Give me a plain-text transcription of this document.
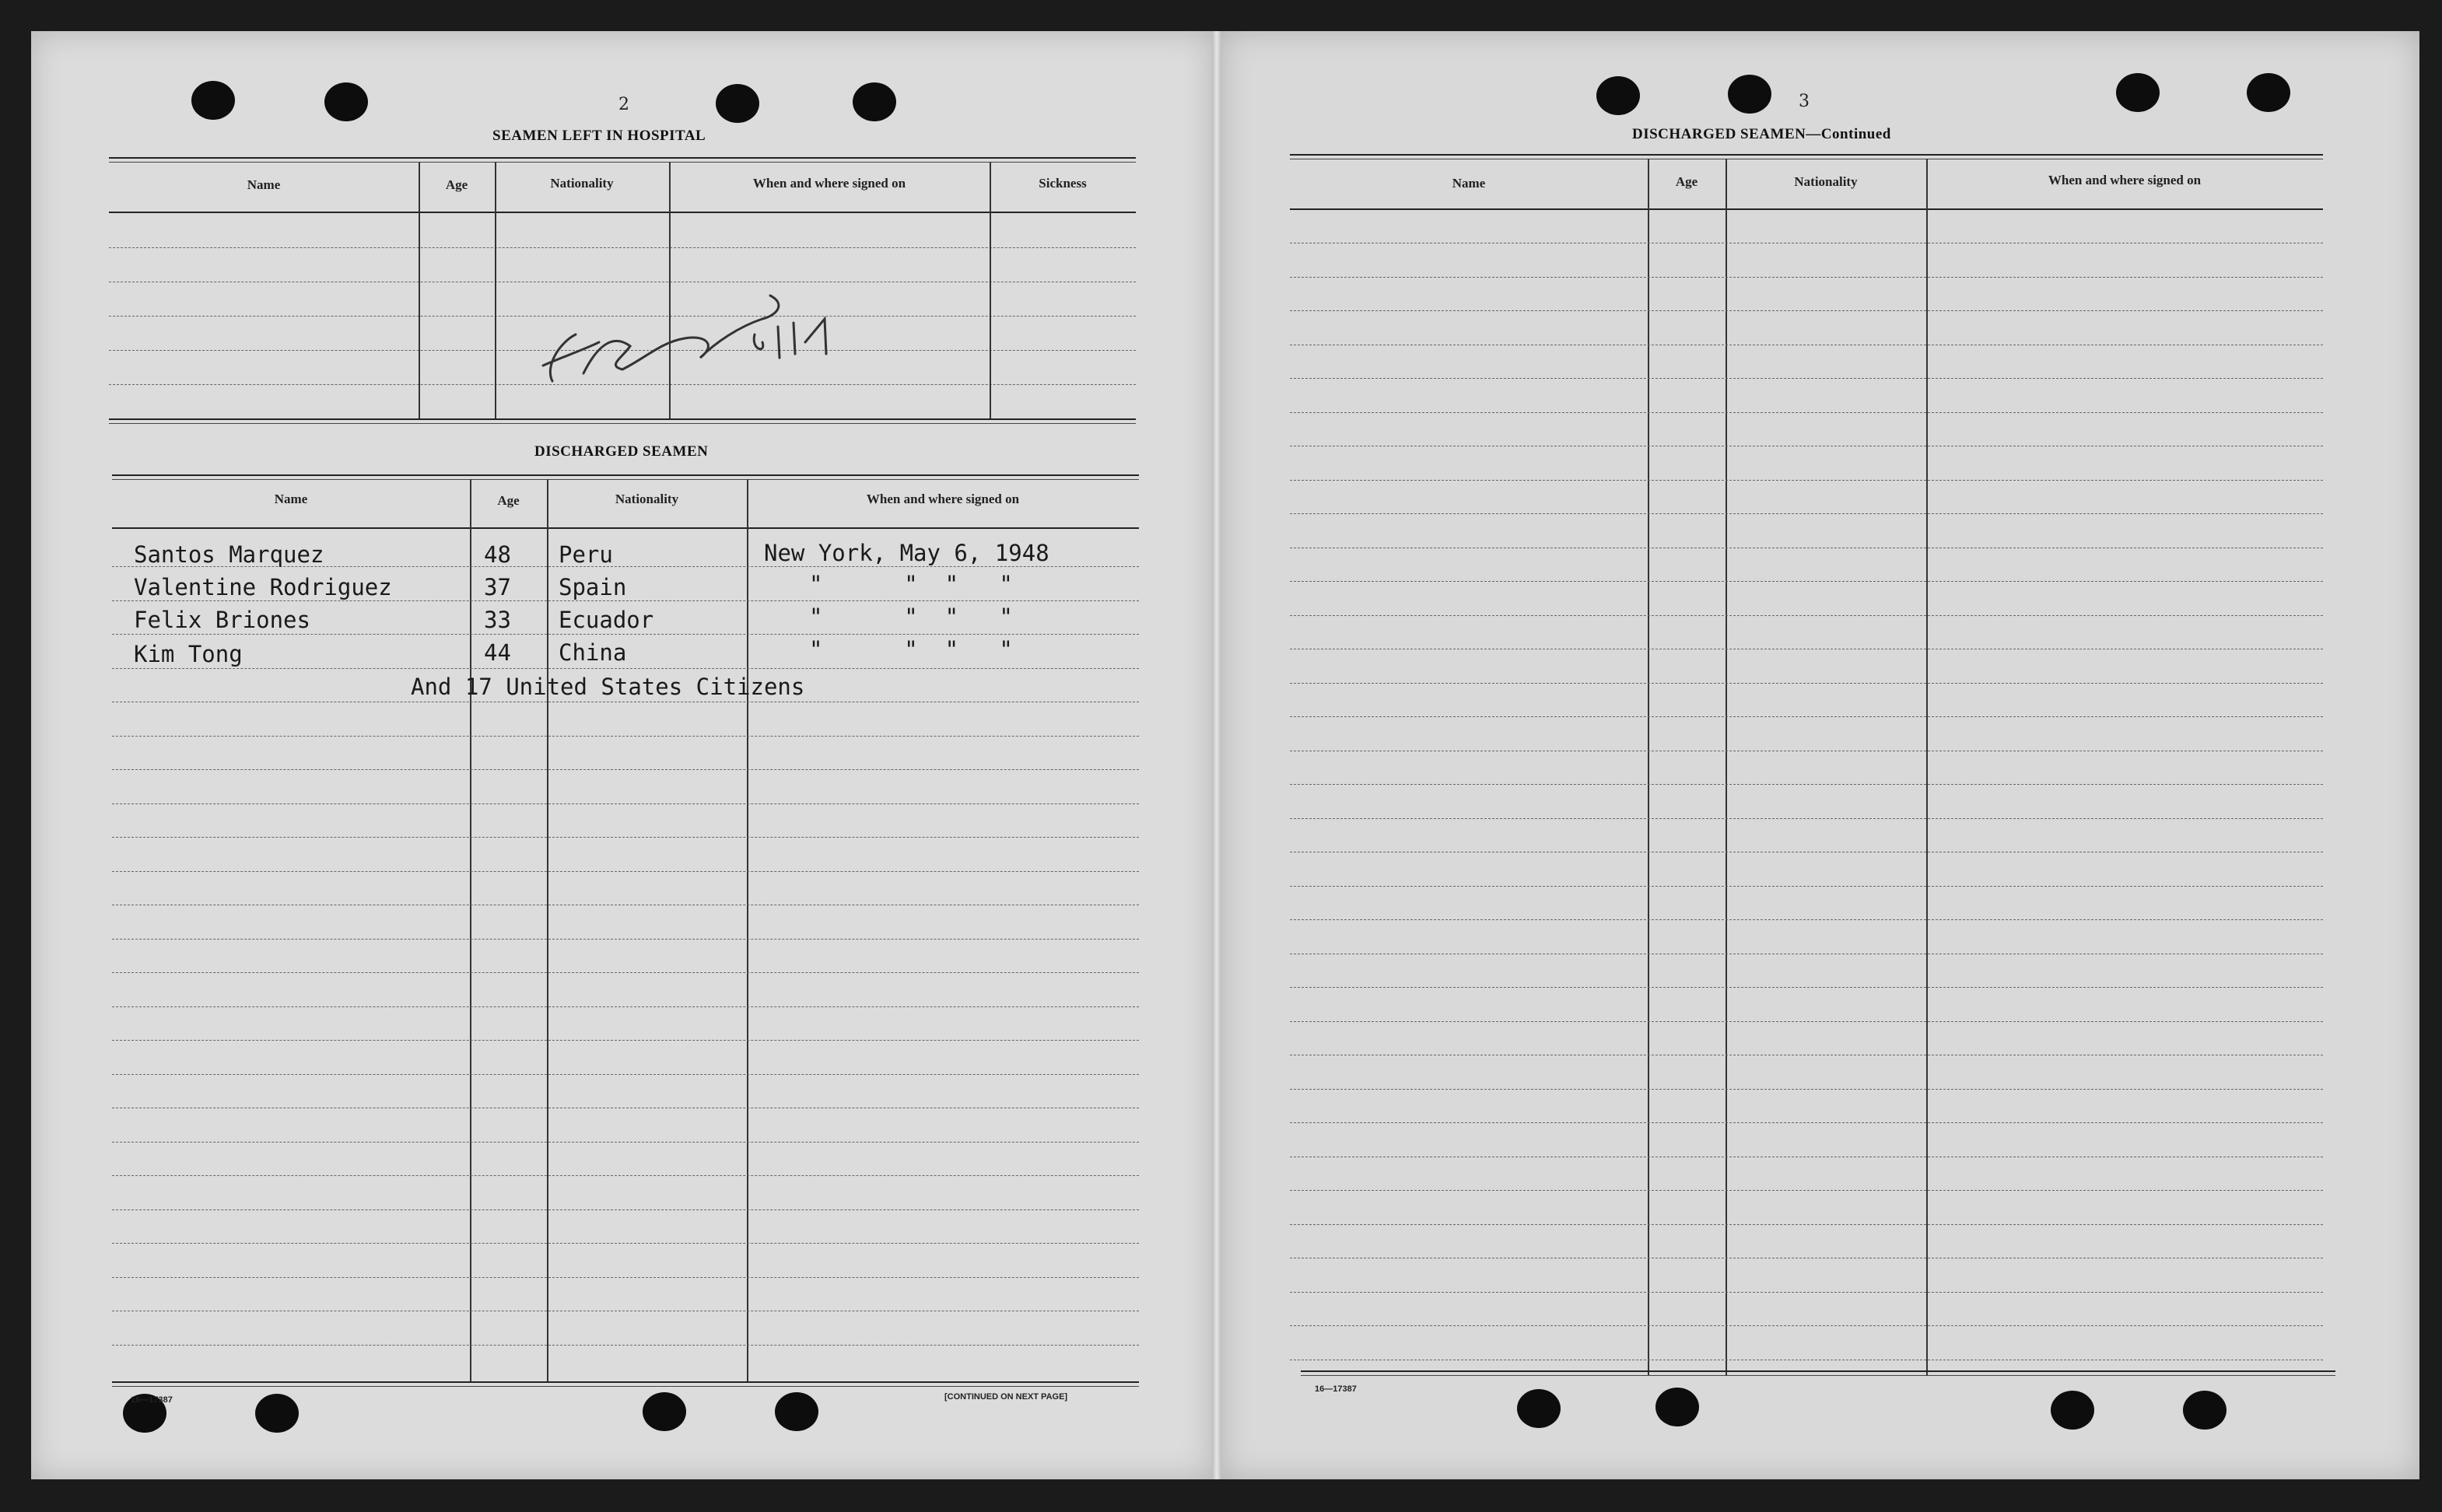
2
SEAMEN LEFT IN HOSPITAL
Name	Age	Nationality	When and where signed on	Sickness
DISCHARGED SEAMEN
Name	Age	Nationality	When and where signed on
Santos Marquez	48 Peru	New York, May 6, 1948
Valentine Rodriguez	37 Spain	"      "  "   "
Felix Briones	33 Ecuador	"      "  "   "
Kim Tong	44 China	"      "  "   "
And 17 United States Citizens
16—17387	[CONTINUED ON NEXT PAGE]
3
DISCHARGED SEAMEN—Continued
Name	Age	Nationality	When and where signed on
16—17387
